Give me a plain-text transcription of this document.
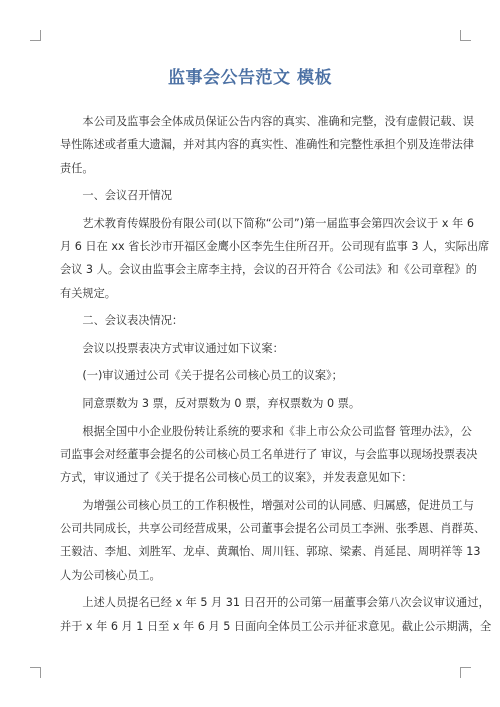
监事会公告范文 模板
本公司及监事会全体成员保证公告内容的真实、准确和完整，没有虚假记载、误
导性陈述或者重大遗漏，并对其内容的真实性、准确性和完整性承担个别及连带法律
责任。
一、会议召开情况
艺术教育传媒股份有限公司(以下简称“公司”)第一届监事会第四次会议于 x 年 6
月 6 日在 xx 省长沙市开福区金鹰小区李先生住所召开。公司现有监事 3 人，实际出席
会议 3 人。会议由监事会主席李主持，会议的召开符合《公司法》和《公司章程》的
有关规定。
二、会议表决情况：
会议以投票表决方式审议通过如下议案：
(一)审议通过公司《关于提名公司核心员工的议案》；
同意票数为 3 票，反对票数为 0 票，弃权票数为 0 票。
根据全国中小企业股份转让系统的要求和《非上市公众公司监督 管理办法》，公
司监事会对经董事会提名的公司核心员工名单进行了 审议，与会监事以现场投票表决
方式，审议通过了《关于提名公司核心员工的议案》，并发表意见如下：
为增强公司核心员工的工作积极性，增强对公司的认同感、归属感，促进员工与
公司共同成长，共享公司经营成果，公司董事会提名公司员工李洲、张季恩、肖群英、
王毅洁、李旭、刘胜军、龙卓、黄珮怡、周川钰、郭琼、梁素、肖延昆、周明祥等 13
人为公司核心员工。
上述人员提名已经 x 年 5 月 31 日召开的公司第一届董事会第八次会议审议通过，
并于 x 年 6 月 1 日至 x 年 6 月 5 日面向全体员工公示并征求意见。截止公示期满，全
